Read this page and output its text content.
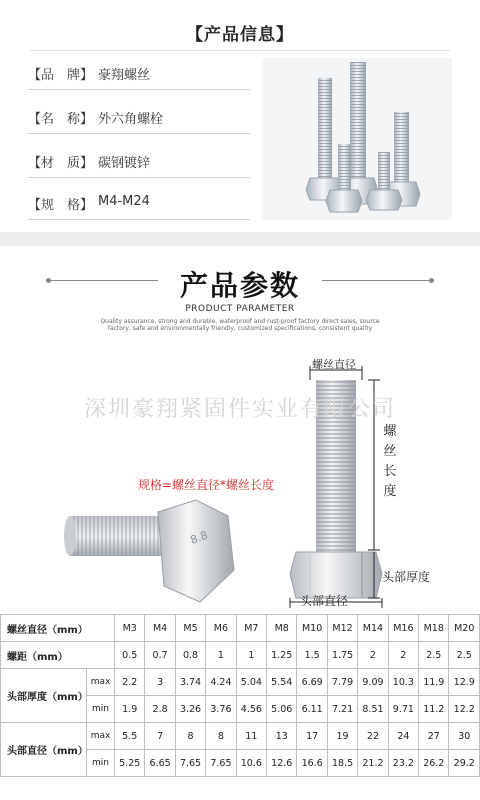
【产品信息】
【品　牌】 豪翔螺丝
【名　称】 外六角螺栓
【材　质】 碳钢镀锌
【规　格】 M4-M24
产品参数
PRODUCT PARAMETER
Quality assurance, strong and durable, waterproof and rust-proof factory direct sales, source factory, safe and environmentally friendly, customized specifications, consistent quality
8.8
深圳豪翔紧固件实业有限公司
规格=螺丝直径*螺丝长度
螺丝直径
螺
丝
长
度
头部厚度
头部直径
螺丝直径（mm）		M3	M4	M5	M6	M7	M8	M10	M12	M14	M16	M18	M20
螺距（mm）		0.5	0.7	0.8	1	1	1.25	1.5	1.75	2	2	2.5	2.5
头部厚度（mm）	max	2.2	3	3.74	4.24	5.04	5.54	6.69	7.79	9.09	10.3	11.9	12.9
	min	1.9	2.8	3.26	3.76	4.56	5.06	6.11	7.21	8.51	9.71	11.2	12.2
头部直径（mm）	max	5.5	7	8	8	11	13	17	19	22	24	27	30
	min	5.25	6.65	7.65	7.65	10.6	12.6	16.6	18.5	21.2	23.2	26.2	29.2
